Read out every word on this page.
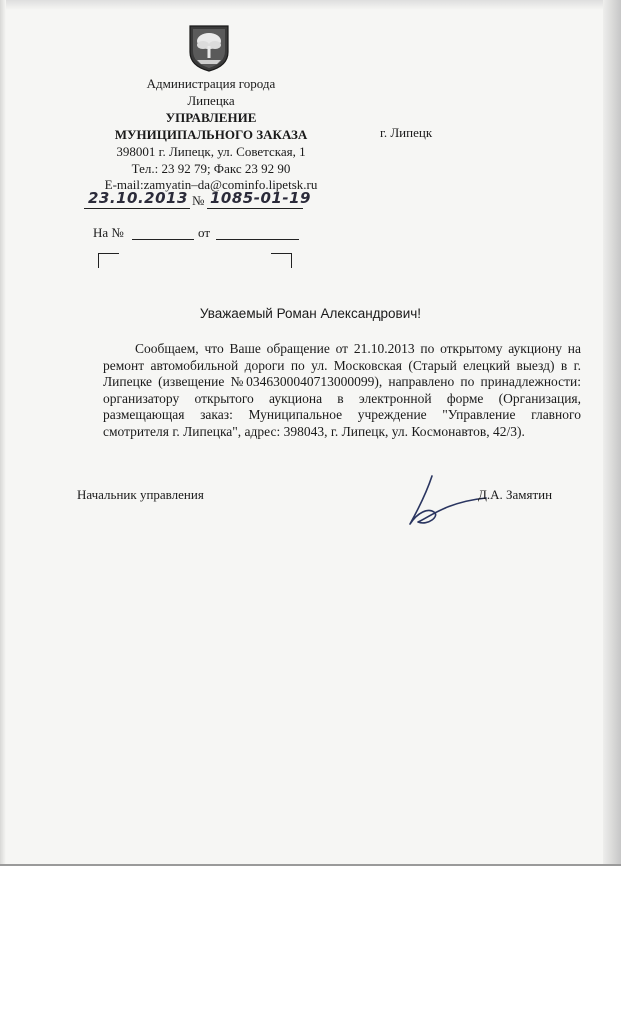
Администрация города
Липецка
УПРАВЛЕНИЕ
МУНИЦИПАЛЬНОГО ЗАКАЗА
398001 г. Липецк, ул. Советская, 1
Тел.: 23 92 79; Факс 23 92 90
E-mail:zamyatin–da@cominfo.lipetsk.ru
г. Липецк
23.10.2013 № 1085-01-19
На №	от
Уважаемый Роман Александрович!

Сообщаем, что Ваше обращение от 21.10.2013 по открытому аукциону на ремонт автомобильной дороги по ул. Московская (Старый елецкий выезд) в г. Липецке (извещение №0346300040713000099), направлено по принадлежности: организатору открытого аукциона в электронной форме (Организация, размещающая заказ: Муниципальное учреждение "Управление главного смотрителя г. Липецка", адрес: 398043, г. Липецк, ул. Космонавтов, 42/3).

Начальник управления	Д.А. Замятин
